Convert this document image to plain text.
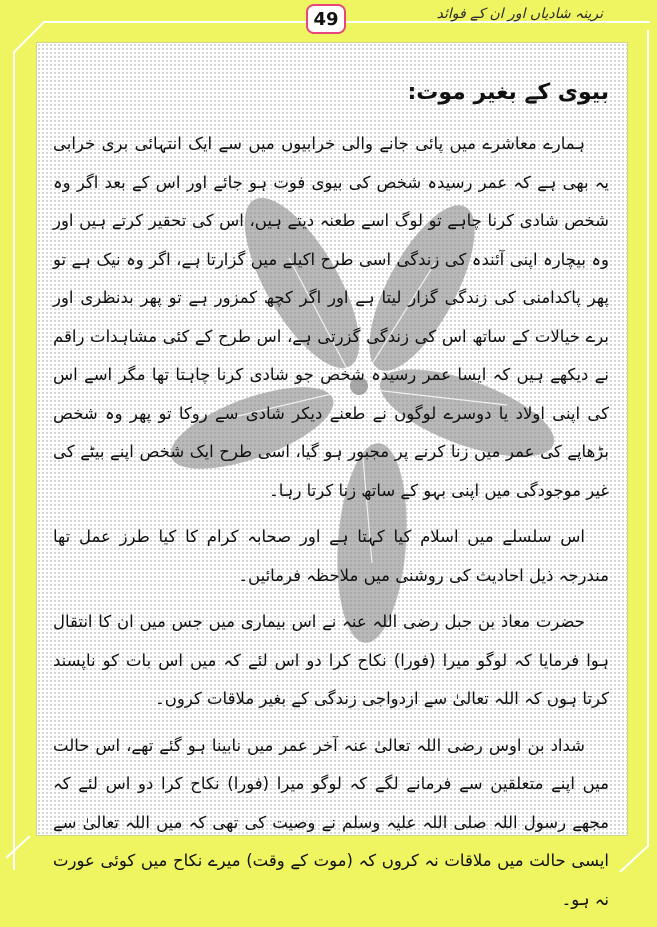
نرینہ شادیاں اور ان کے فوائد
49
بیوی کے بغیر موت:

ہمارے معاشرے میں پائی جانے والی خرابیوں میں سے ایک انتہائی بری خرابی یہ بھی ہے کہ عمر رسیدہ شخص کی بیوی فوت ہو جائے اور اس کے بعد اگر وہ شخص شادی کرنا چاہے تو لوگ اسے طعنہ دیتے ہیں، اس کی تحقیر کرتے ہیں اور وہ بیچارہ اپنی آئندہ کی زندگی اسی طرح اکیلے میں گزارتا ہے، اگر وہ نیک ہے تو پھر پاکدامنی کی زندگی گزار لیتا ہے اور اگر کچھ کمزور ہے تو پھر بدنظری اور برے خیالات کے ساتھ اس کی زندگی گزرتی ہے، اس طرح کے کئی مشاہدات راقم نے دیکھے ہیں کہ ایسا عمر رسیدہ شخص جو شادی کرنا چاہتا تھا مگر اسے اس کی اپنی اولاد یا دوسرے لوگوں نے طعنے دیکر شادی سے روکا تو پھر وہ شخص بڑھاپے کی عمر میں زنا کرنے پر مجبور ہو گیا، اسی طرح ایک شخص اپنے بیٹے کی غیر موجودگی میں اپنی بہو کے ساتھ زنا کرتا رہا۔

اس سلسلے میں اسلام کیا کہتا ہے اور صحابہ کرام کا کیا طرز عمل تھا مندرجہ ذیل احادیث کی روشنی میں ملاحظہ فرمائیں۔

حضرت معاذ بن جبل رضی اللہ عنہ نے اس بیماری میں جس میں ان کا انتقال ہوا فرمایا کہ لوگو میرا (فورا) نکاح کرا دو اس لئے کہ میں اس بات کو ناپسند کرتا ہوں کہ اللہ تعالیٰ سے ازدواجی زندگی کے بغیر ملاقات کروں۔

شداد بن اوس رضی اللہ تعالیٰ عنہ آخر عمر میں نابینا ہو گئے تھے، اس حالت میں اپنے متعلقین سے فرمانے لگے کہ لوگو میرا (فورا) نکاح کرا دو اس لئے کہ مجھے رسول اللہ صلی اللہ علیہ وسلم نے وصیت کی تھی کہ میں اللہ تعالیٰ سے ایسی حالت میں ملاقات نہ کروں کہ (موت کے وقت) میرے نکاح میں کوئی عورت نہ ہو۔
